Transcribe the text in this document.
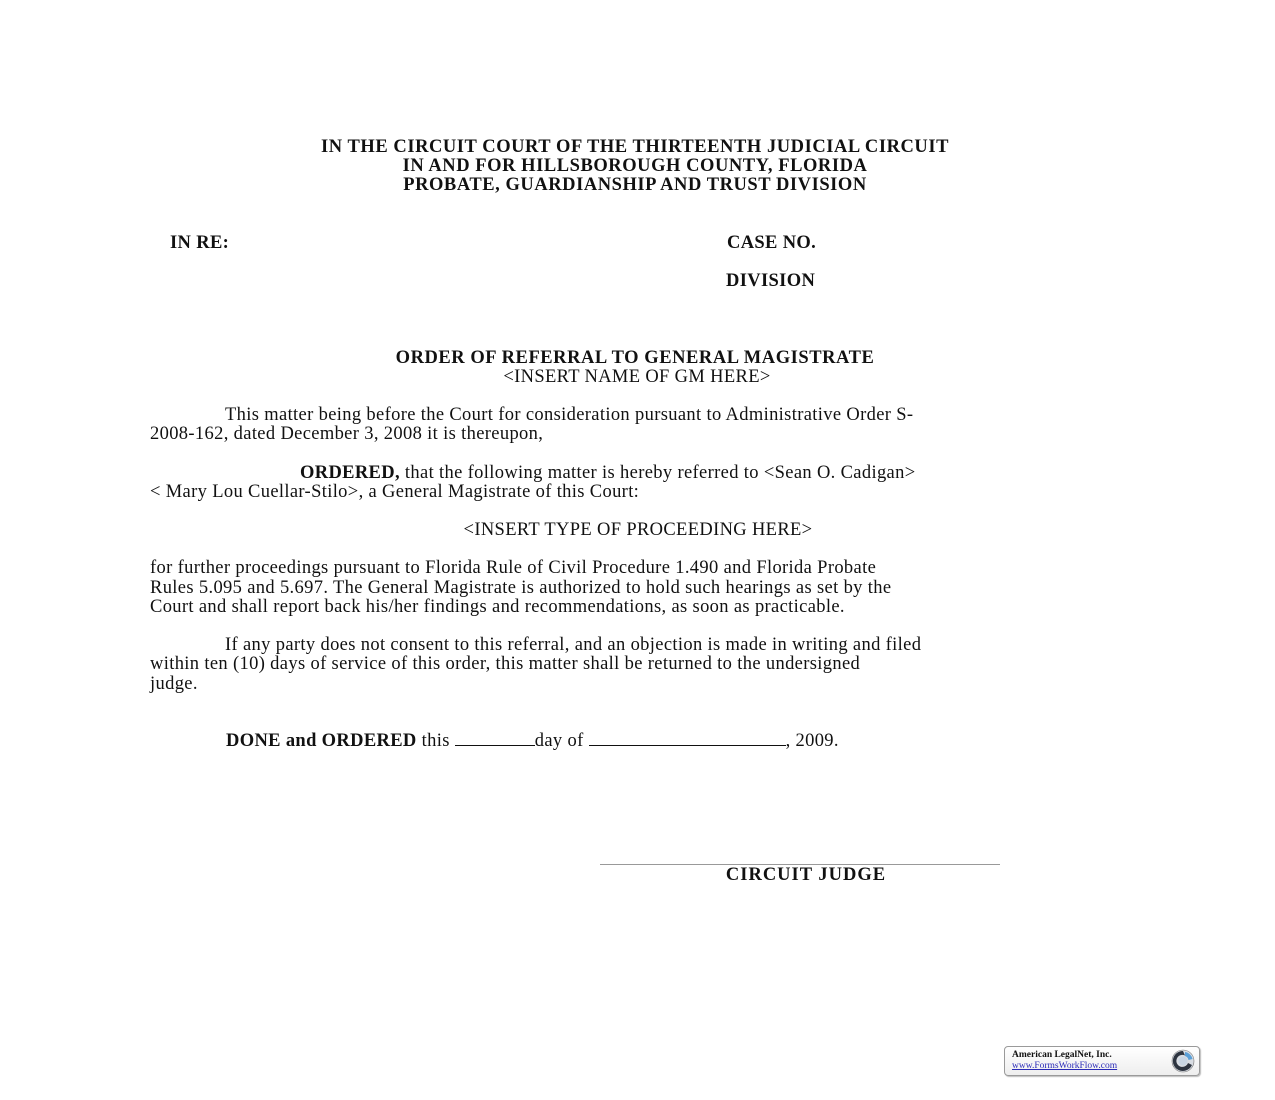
IN THE CIRCUIT COURT OF THE THIRTEENTH JUDICIAL CIRCUIT
IN AND FOR HILLSBOROUGH COUNTY, FLORIDA
PROBATE, GUARDIANSHIP AND TRUST DIVISION
IN RE:	CASE NO.
DIVISION
ORDER OF REFERRAL TO GENERAL MAGISTRATE
<INSERT NAME OF GM HERE>
This matter being before the Court for consideration pursuant to Administrative Order S-
2008-162, dated December 3, 2008 it is thereupon,
ORDERED, that the following matter is hereby referred to <Sean O. Cadigan>
< Mary Lou Cuellar-Stilo>, a General Magistrate of this Court:
<INSERT TYPE OF PROCEEDING HERE>
for further proceedings pursuant to Florida Rule of Civil Procedure 1.490 and Florida Probate
Rules 5.095 and 5.697. The General Magistrate is authorized to hold such hearings as set by the
Court and shall report back his/her findings and recommendations, as soon as practicable.
If any party does not consent to this referral, and an objection is made in writing and filed
within ten (10) days of service of this order, this matter shall be returned to the undersigned
judge.
DONE and ORDERED this	day of	, 2009.
CIRCUIT JUDGE
American LegalNet, Inc.
www.FormsWorkFlow.com
